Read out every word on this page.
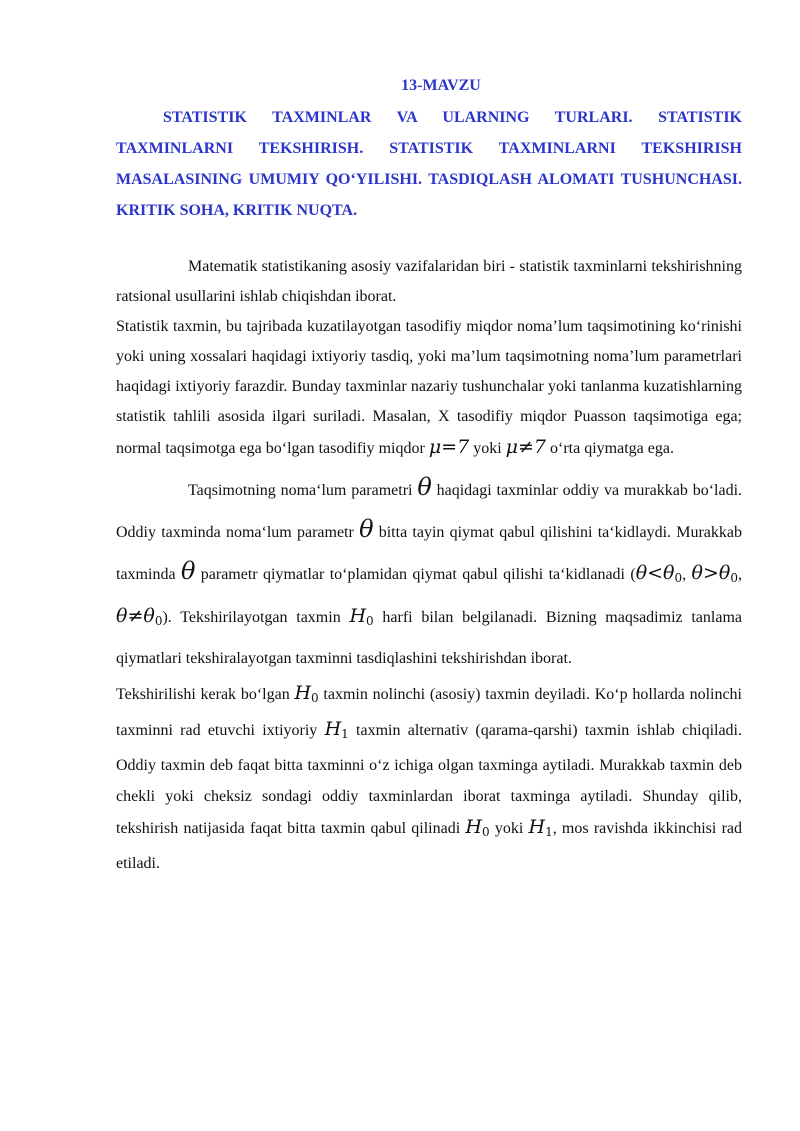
13-MAVZU
STATISTIK TAXMINLAR VA ULARNING TURLARI. STATISTIK TAXMINLARNI TEKSHIRISH. STATISTIK TAXMINLARNI TEKSHIRISH MASALASINING UMUMIY QO‘YILISHI. TASDIQLASH ALOMATI TUSHUNCHASI. KRITIK SOHA, KRITIK NUQTA.

Matematik statistikaning asosiy vazifalaridan biri - statistik taxminlarni tekshirishning ratsional usullarini ishlab chiqishdan iborat.

Statistik taxmin, bu tajribada kuzatilayotgan tasodifiy miqdor noma’lum taqsimotining ko‘rinishi yoki uning xossalari haqidagi ixtiyoriy tasdiq, yoki ma’lum taqsimotning noma’lum parametrlari haqidagi ixtiyoriy farazdir. Bunday taxminlar nazariy tushunchalar yoki tanlanma kuzatishlarning statistik tahlili asosida ilgari suriladi. Masalan, X tasodifiy miqdor Puasson taqsimotiga ega; normal taqsimotga ega bo‘lgan tasodifiy miqdor μ=7 yoki μ≠7 o‘rta qiymatga ega.

Taqsimotning noma‘lum parametri θ haqidagi taxminlar oddiy va murakkab bo‘ladi. Oddiy taxminda noma‘lum parametr θ bitta tayin qiymat qabul qilishini ta‘kidlaydi. Murakkab taxminda θ parametr qiymatlar to‘plamidan qiymat qabul qilishi ta‘kidlanadi ($\theta<\theta_0$, $\theta>\theta_0$, $\theta\ne\theta_0$). Tekshirilayotgan taxmin $H_0$ harfi bilan belgilanadi. Bizning maqsadimiz tanlama qiymatlari tekshiralayotgan taxminni tasdiqlashini tekshirishdan iborat.

Tekshirilishi kerak bo‘lgan $H_0$ taxmin nolinchi (asosiy) taxmin deyiladi. Ko‘p hollarda nolinchi taxminni rad etuvchi ixtiyoriy $H_1$ taxmin alternativ (qarama-qarshi) taxmin ishlab chiqiladi. Oddiy taxmin deb faqat bitta taxminni o‘z ichiga olgan taxminga aytiladi. Murakkab taxmin deb chekli yoki cheksiz sondagi oddiy taxminlardan iborat taxminga aytiladi. Shunday qilib, tekshirish natijasida faqat bitta taxmin qabul qilinadi $H_0$ yoki $H_1$, mos ravishda ikkinchisi rad etiladi.
